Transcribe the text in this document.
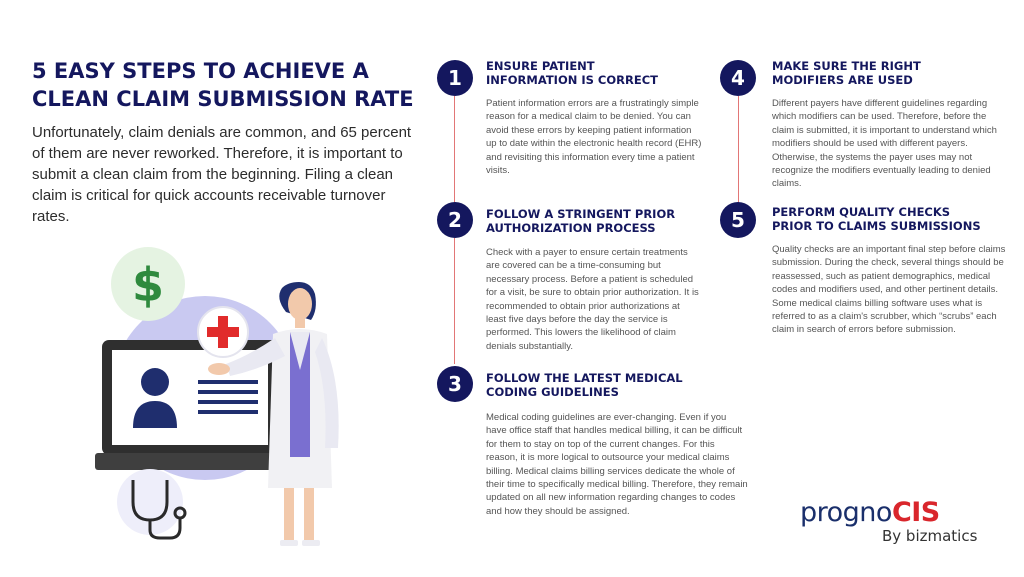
5 EASY STEPS TO ACHIEVE A CLEAN CLAIM SUBMISSION RATE

Unfortunately, claim denials are common, and 65 percent of them are never reworked. Therefore, it is important to submit a clean claim from the beginning. Filing a clean claim is critical for quick accounts receivable turnover rates.

$
1	ENSURE PATIENT INFORMATION IS CORRECT

Patient information errors are a frustratingly simple reason for a medical claim to be denied. You can avoid these errors by keeping patient information up to date within the electronic health record (EHR) and revisiting this information every time a patient visits.

2	FOLLOW A STRINGENT PRIOR AUTHORIZATION PROCESS

Check with a payer to ensure certain treatments are covered can be a time-consuming but necessary process. Before a patient is scheduled for a visit, be sure to obtain prior authorization. It is recommended to obtain prior authorizations at least five days before the day the service is performed. This lowers the likelihood of claim denials substantially.

3	FOLLOW THE LATEST MEDICAL CODING GUIDELINES

Medical coding guidelines are ever-changing. Even if you have office staff that handles medical billing, it can be difficult for them to stay on top of the current changes. For this reason, it is more logical to outsource your medical claims billing. Medical claims billing services dedicate the whole of their time to specifically medical billing. Therefore, they remain updated on all new information regarding changes to codes and how they should be assigned.

4	MAKE SURE THE RIGHT MODIFIERS ARE USED

Different payers have different guidelines regarding which modifiers can be used. Therefore, before the claim is submitted, it is important to understand which modifiers should be used with different payers. Otherwise, the systems the payer uses may not recognize the modifiers eventually leading to denied claims.

5	PERFORM QUALITY CHECKS PRIOR TO CLAIMS SUBMISSIONS

Quality checks are an important final step before claims submission. During the check, several things should be reassessed, such as patient demographics, medical codes and modifiers used, and other pertinent details. Some medical claims billing software uses what is referred to as a claim's scrubber, which “scrubs” each claim in search of errors before submission.

prognoCIS
By bizmatics
